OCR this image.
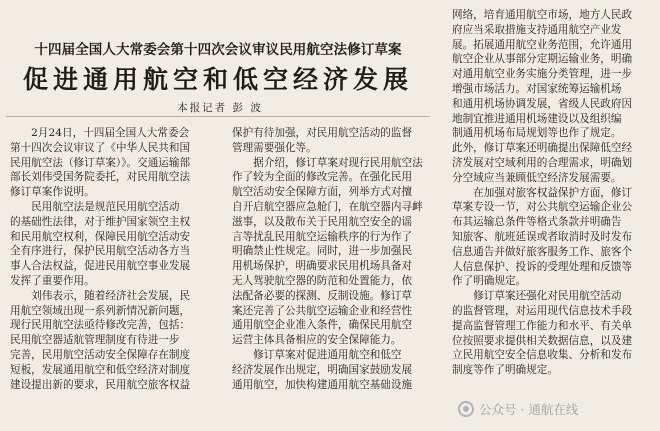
十四届全国人大常委会第十四次会议审议民用航空法修订草案
促进通用航空和低空经济发展
本报记者 彭 波
　　2月24日，十四届全国人大常委会
第十四次会议审议了《中华人民共和国
民用航空法（修订草案）》。交通运输部
部长刘伟受国务院委托，对民用航空法
修订草案作说明。
　　民用航空法是规范民用航空活动
的基础性法律，对于维护国家领空主权
和民用航空权利，保障民用航空活动安
全有序进行，保护民用航空活动各方当
事人合法权益，促进民用航空事业发展
发挥了重要作用。
　　刘伟表示，随着经济社会发展，民
用航空领域出现一系列新情况新问题，
现行民用航空法亟待修改完善，包括：
民用航空器适航管理制度有待进一步
完善，民用航空活动安全保障存在制度
短板，发展通用航空和低空经济对制度
建设提出新的要求，民用航空旅客权益
保护有待加强，对民用航空活动的监督
管理需要强化等。
　　据介绍，修订草案对现行民用航空法
作了较为全面的修改完善。在强化民用
航空活动安全保障方面，列举方式对擅
自开启航空器应急舱门，在航空器内寻衅
滋事，以及散布关于民用航空安全的谣
言等扰乱民用航空运输秩序的行为作了
明确禁止性规定。同时，进一步加强民
用机场保护，明确要求民用机场具备对
无人驾驶航空器的防范和处置能力，依
法配备必要的探测、反制设施。修订草
案还完善了公共航空运输企业和经营性
通用航空企业准入条件，确保民用航空
运营主体具备相应的安全保障能力。
　　修订草案对促进通用航空和低空
经济发展作出规定，明确国家鼓励发展
通用航空，加快构建通用航空基础设施
网络，培育通用航空市场，地方人民政
府应当采取措施支持通用航空产业发
展。拓展通用航空业务范围，允许通用
航空企业从事部分定期运输业务，明确
对通用航空业务实施分类管理，进一步
增强市场活力。对国家统筹运输机场
和通用机场协调发展，省级人民政府因
地制宜推进通用机场建设以及组织编
制通用机场布局规划等也作了规定。
此外，修订草案还明确提出保障低空经
济发展对空域利用的合理需求，明确划
分空域应当兼顾低空经济发展需要。
　　在加强对旅客权益保护方面，修订
草案专设一节，对公共航空运输企业公
布其运输总条件等格式条款并明确告
知旅客、航班延误或者取消时及时发布
信息通告并做好旅客服务工作、旅客个
人信息保护、投诉的受理处理和反馈等
作了明确规定。
　　修订草案还强化对民用航空活动
的监督管理，对运用现代信息技术手段
提高监督管理工作能力和水平、有关单
位按照要求提供相关数据信息，以及建
立民用航空安全信息收集、分析和发布
制度等作了明确规定。
公众号 · 通航在线
